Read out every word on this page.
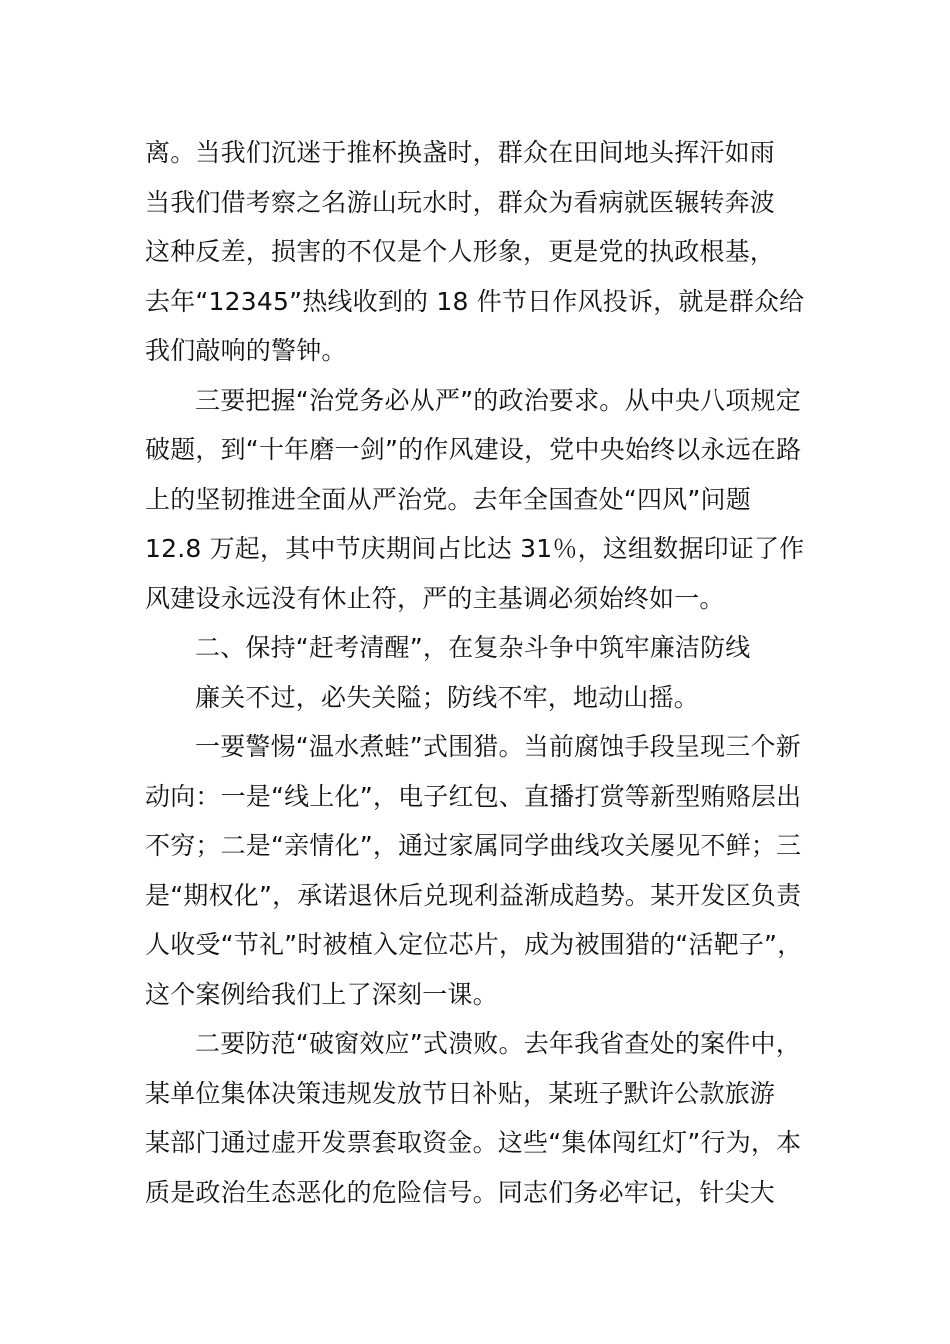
离。当我们沉迷于推杯换盏时，群众在田间地头挥汗如雨
当我们借考察之名游山玩水时，群众为看病就医辗转奔波
这种反差，损害的不仅是个人形象，更是党的执政根基，
去年“12345”热线收到的 18 件节日作风投诉，就是群众给
我们敲响的警钟。
三要把握“治党务必从严”的政治要求。从中央八项规定
破题，到“十年磨一剑”的作风建设，党中央始终以永远在路
上的坚韧推进全面从严治党。去年全国查处“四风”问题
12.8 万起，其中节庆期间占比达 31％，这组数据印证了作
风建设永远没有休止符，严的主基调必须始终如一。
二、保持“赶考清醒”，在复杂斗争中筑牢廉洁防线
廉关不过，必失关隘；防线不牢，地动山摇。
一要警惕“温水煮蛙”式围猎。当前腐蚀手段呈现三个新
动向：一是“线上化”，电子红包、直播打赏等新型贿赂层出
不穷；二是“亲情化”，通过家属同学曲线攻关屡见不鲜；三
是“期权化”，承诺退休后兑现利益渐成趋势。某开发区负责
人收受“节礼”时被植入定位芯片，成为被围猎的“活靶子”，
这个案例给我们上了深刻一课。
二要防范“破窗效应”式溃败。去年我省查处的案件中，
某单位集体决策违规发放节日补贴，某班子默许公款旅游
某部门通过虚开发票套取资金。这些“集体闯红灯”行为，本
质是政治生态恶化的危险信号。同志们务必牢记，针尖大
